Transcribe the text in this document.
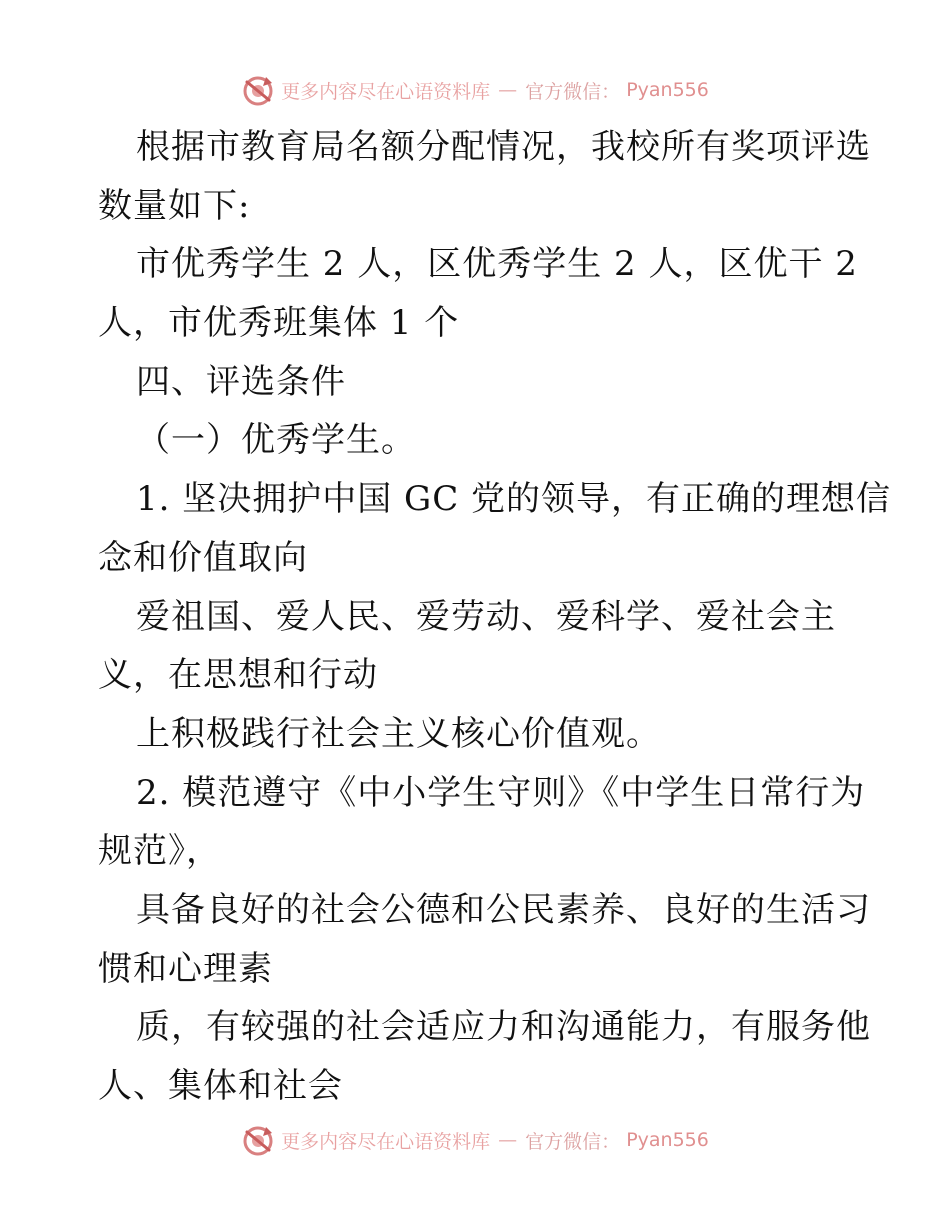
更多内容尽在心语资料库 — 官方微信： Pyan556
根据市教育局名额分配情况，我校所有奖项评选
数量如下:
市优秀学生 2 人，区优秀学生 2 人，区优干 2
人，市优秀班集体 1 个
四、评选条件
（一）优秀学生。
1. 坚决拥护中国 GC 党的领导，有正确的理想信
念和价值取向
爱祖国、爱人民、爱劳动、爱科学、爱社会主
义，在思想和行动
上积极践行社会主义核心价值观。
2. 模范遵守《中小学生守则》《中学生日常行为
规范》，
具备良好的社会公德和公民素养、良好的生活习
惯和心理素
质，有较强的社会适应力和沟通能力，有服务他
人、集体和社会
更多内容尽在心语资料库 — 官方微信： Pyan556
